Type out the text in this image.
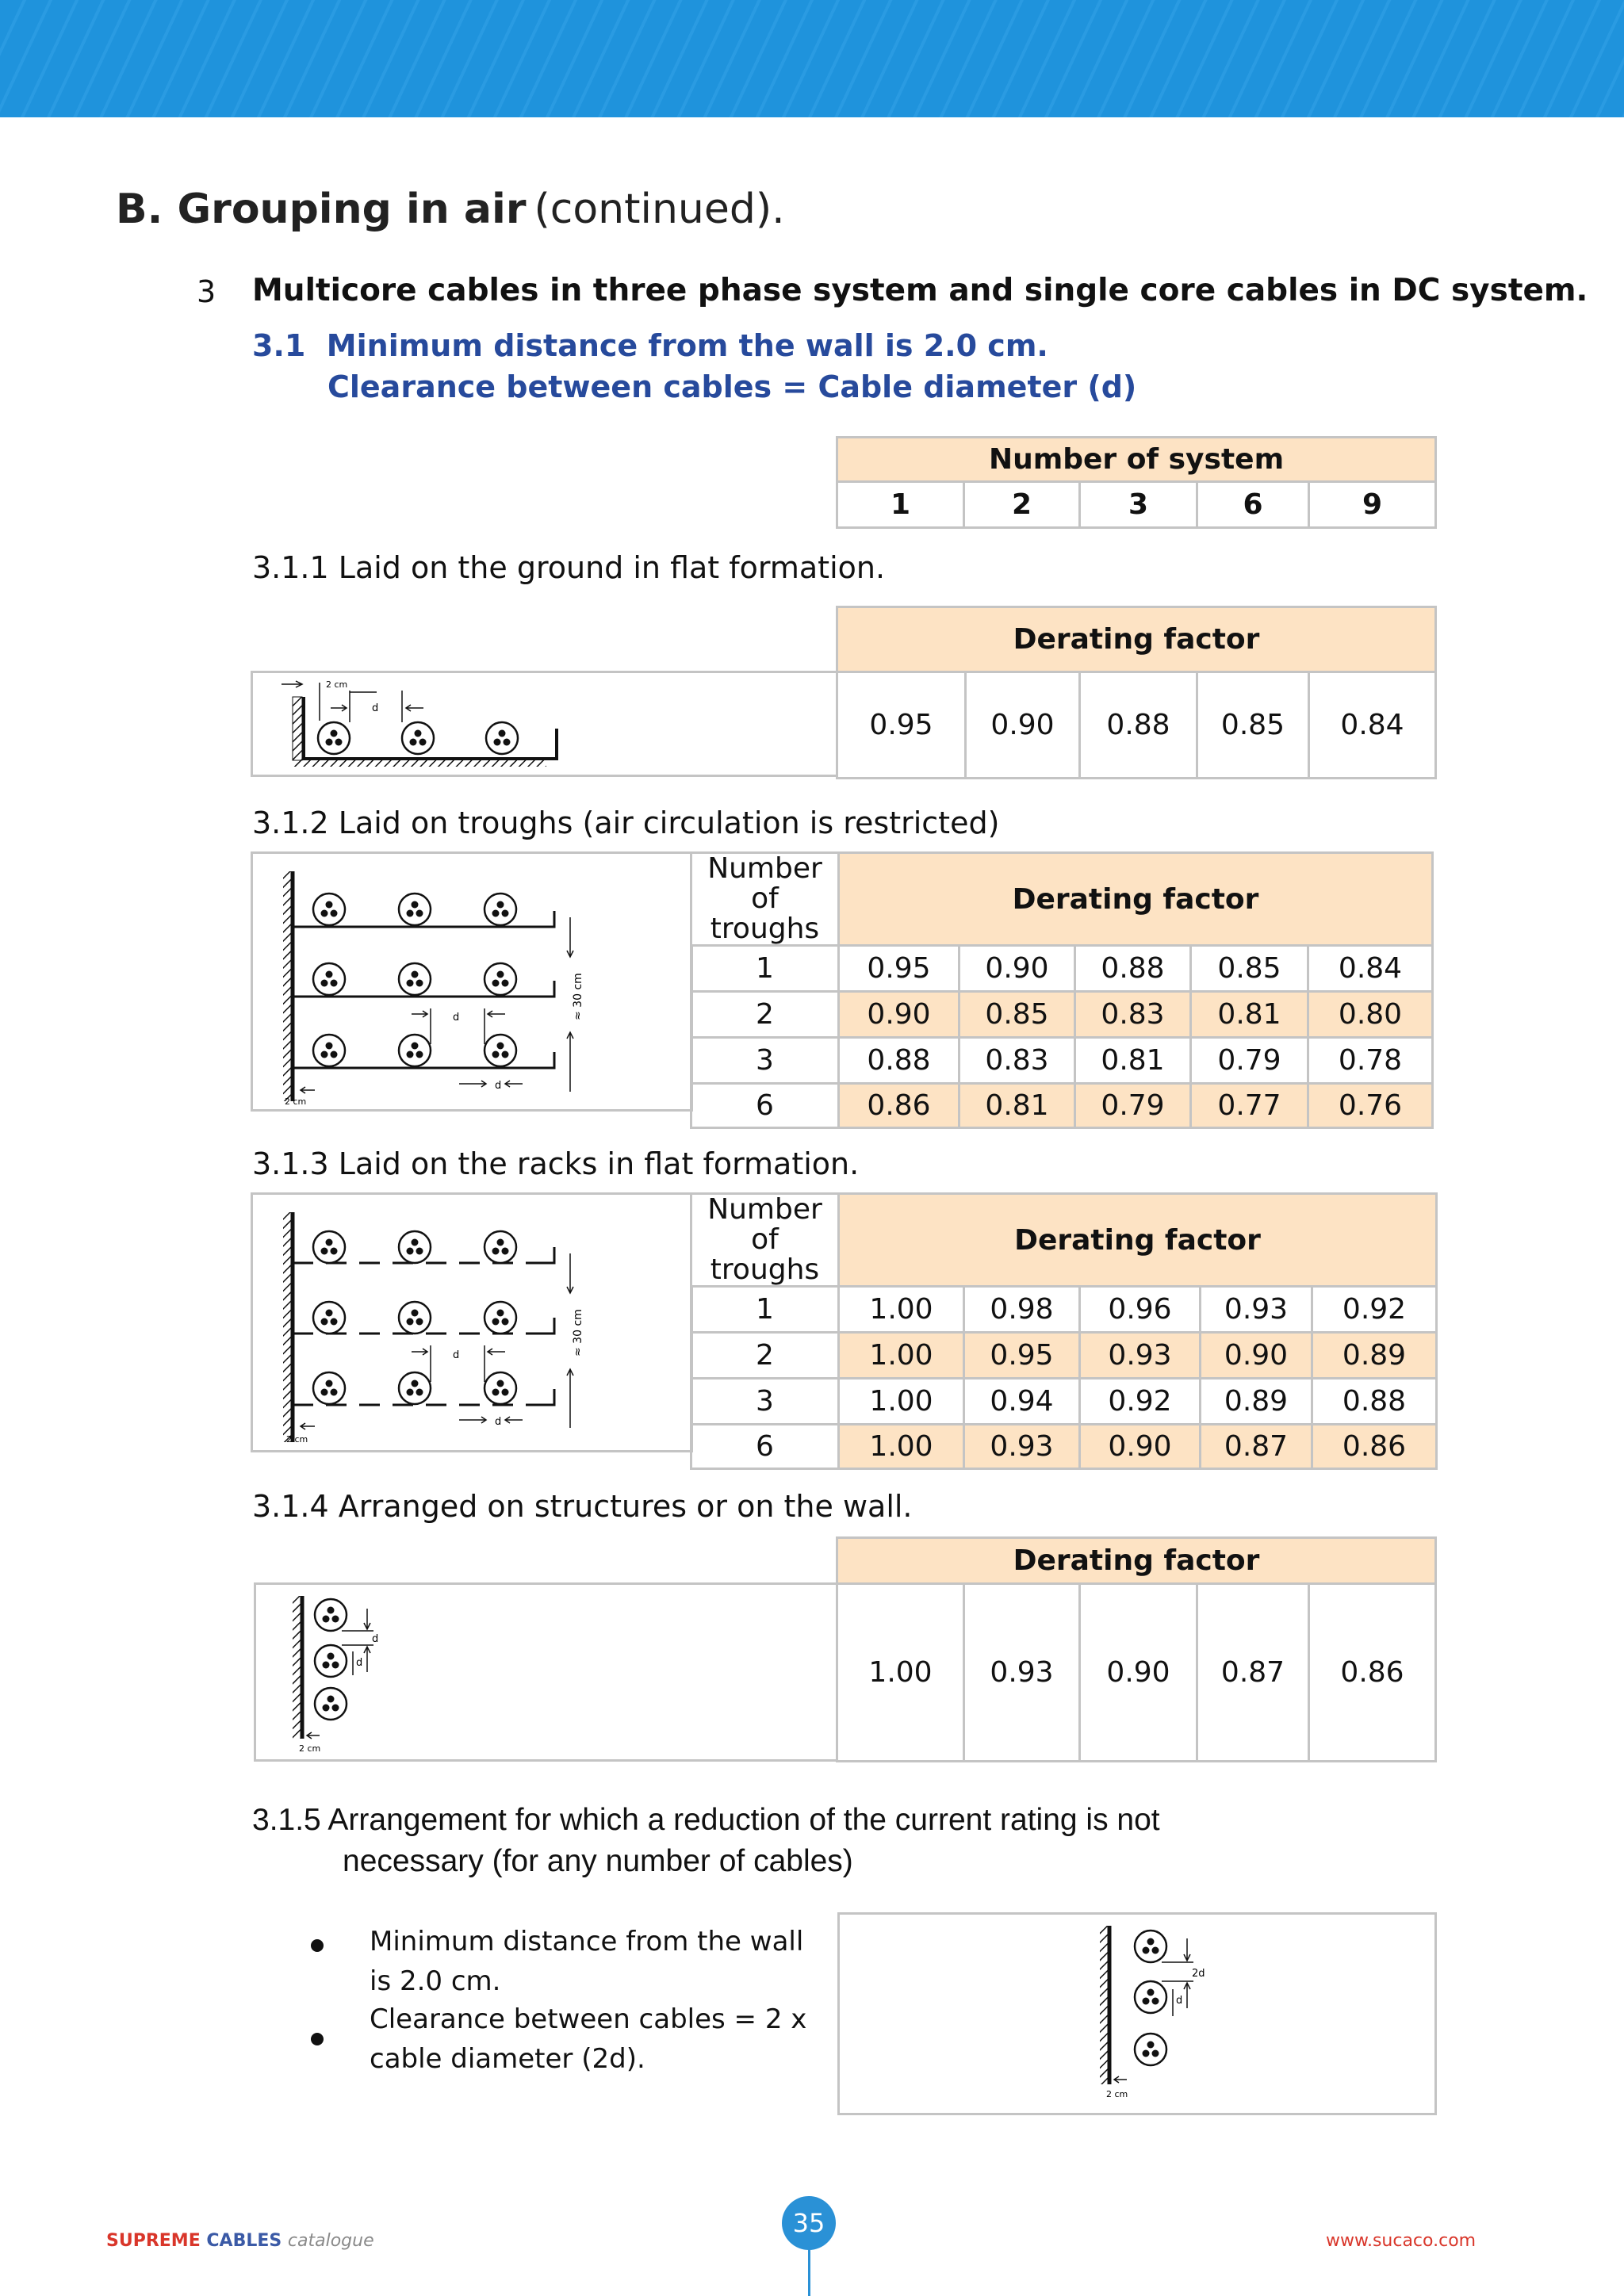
B. Grouping in air (continued).
3 Multicore cables in three phase system and single core cables in DC system.
3.1 Minimum distance from the wall is 2.0 cm.
Clearance between cables = Cable diameter (d)
Number of system
1	2	3	6	9
3.1.1 Laid on the ground in flat formation.
Derating factor
0.95	0.90	0.88	0.85	0.84
2 cm
d
3.1.2 Laid on troughs (air circulation is restricted)
d
d
2 cm
≈ 30 cm
Number of troughs	Derating factor				
1	0.95	0.90	0.88	0.85	0.84
2	0.90	0.85	0.83	0.81	0.80
3	0.88	0.83	0.81	0.79	0.78
6	0.86	0.81	0.79	0.77	0.76
3.1.3 Laid on the racks in flat formation.
d
d
2 cm
≈ 30 cm
Number of troughs	Derating factor				
1	1.00	0.98	0.96	0.93	0.92
2	1.00	0.95	0.93	0.90	0.89
3	1.00	0.94	0.92	0.89	0.88
6	1.00	0.93	0.90	0.87	0.86
3.1.4 Arranged on structures or on the wall.
Derating factor
1.00	0.93	0.90	0.87	0.86
d
d
2 cm
3.1.5 Arrangement for which a reduction of the current rating is not
necessary (for any number of cables)
Minimum distance from the wall
is 2.0 cm.
Clearance between cables = 2 x
cable diameter (2d).
2d
d
2 cm
SUPREME CABLES catalogue
35
www.sucaco.com
